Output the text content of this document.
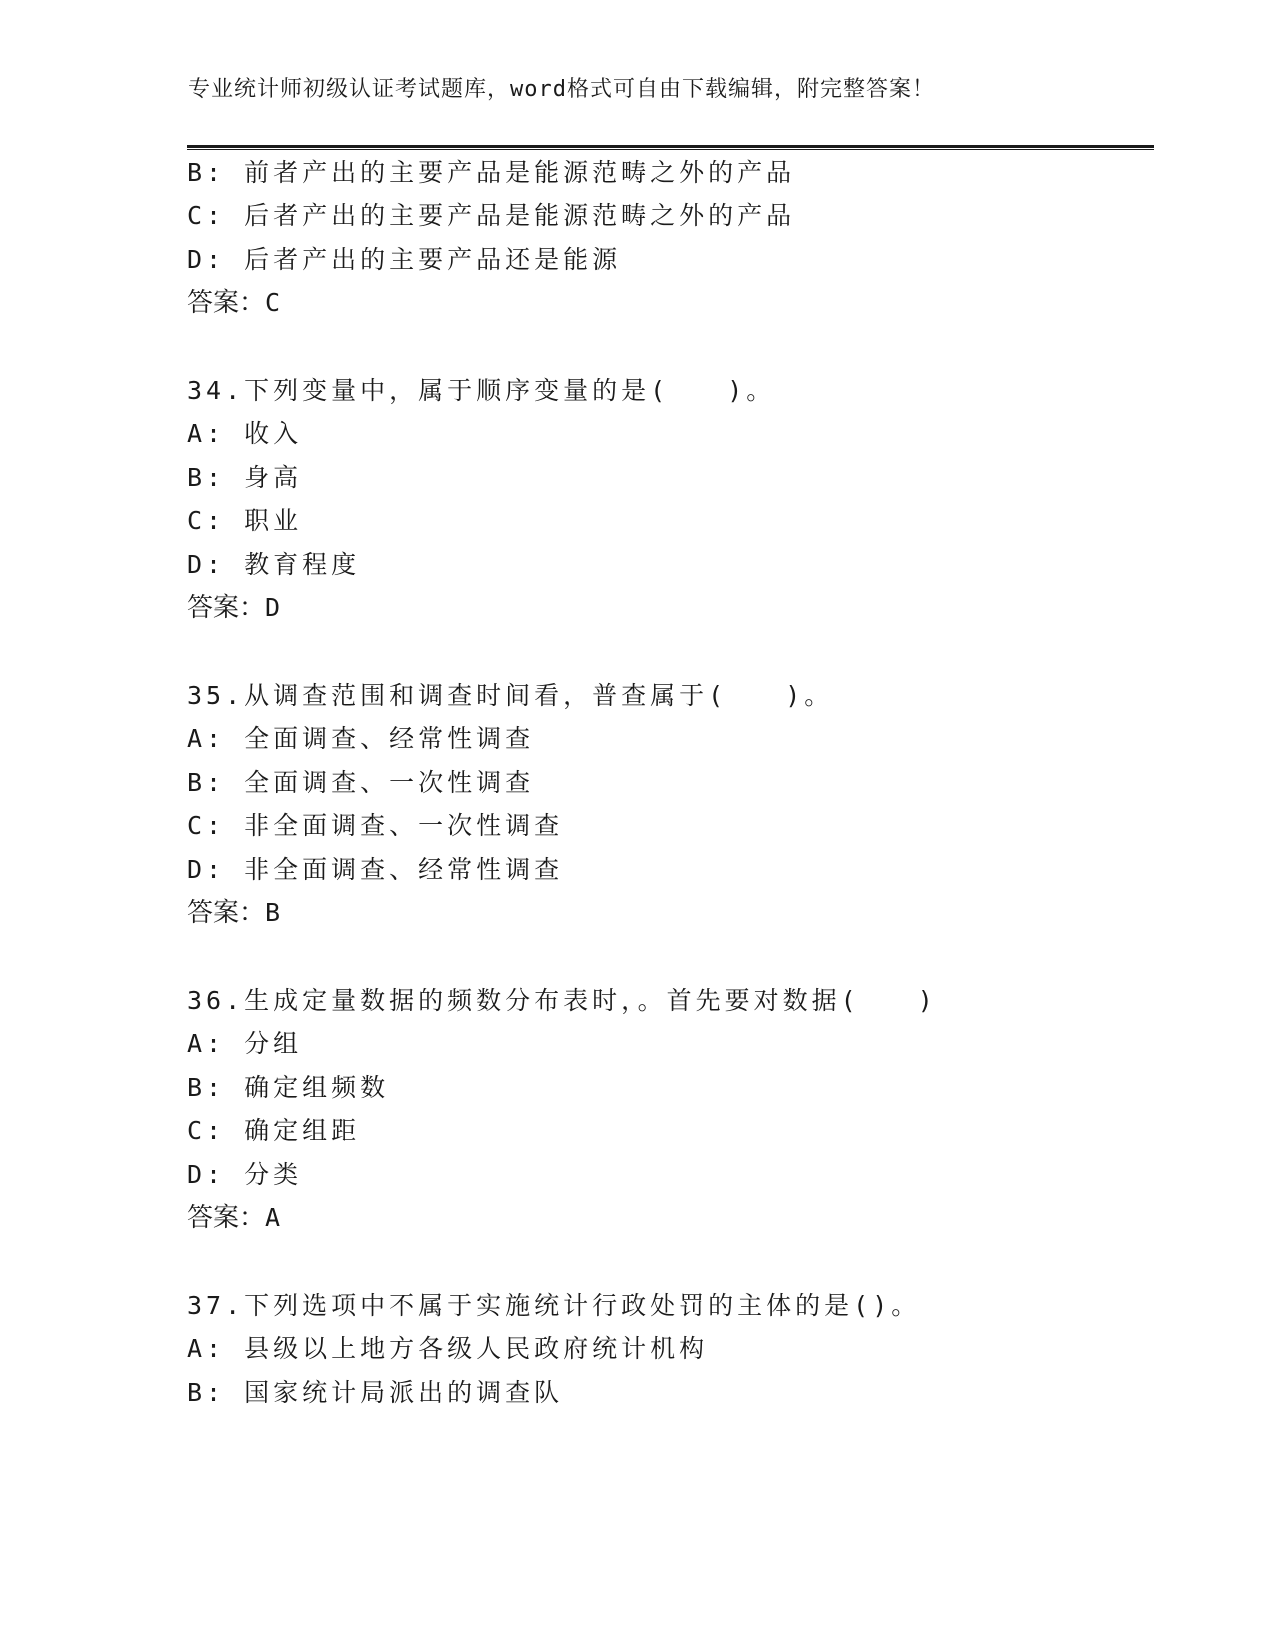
专业统计师初级认证考试题库，word格式可自由下载编辑，附完整答案！
B: 前者产出的主要产品是能源范畴之外的产品
C: 后者产出的主要产品是能源范畴之外的产品
D: 后者产出的主要产品还是能源
答案：C
34.下列变量中，属于顺序变量的是(　　)。
A: 收入
B: 身高
C: 职业
D: 教育程度
答案：D
35.从调查范围和调查时间看，普查属于(　　)。
A: 全面调查、经常性调查
B: 全面调查、一次性调查
C: 非全面调查、一次性调查
D: 非全面调查、经常性调查
答案：B
36.生成定量数据的频数分布表时，。首先要对数据(　　)
A: 分组
B: 确定组频数
C: 确定组距
D: 分类
答案：A
37.下列选项中不属于实施统计行政处罚的主体的是()。
A: 县级以上地方各级人民政府统计机构
B: 国家统计局派出的调查队
